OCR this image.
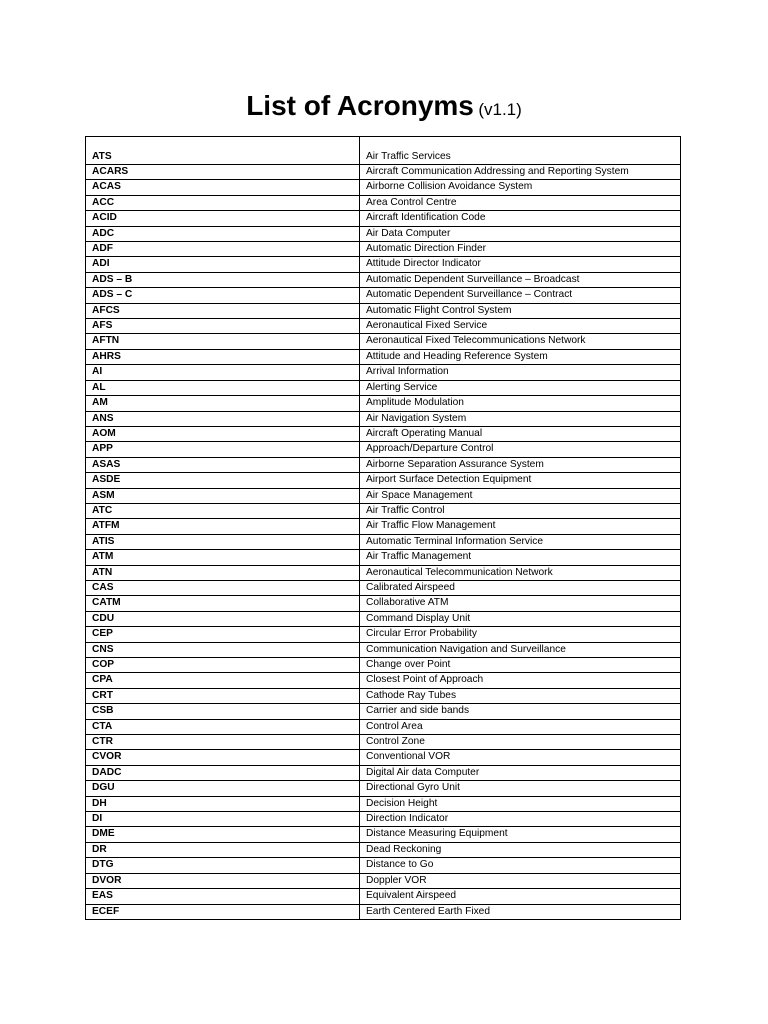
List of Acronyms (v1.1)
ATS	Air Traffic Services
ACARS	Aircraft Communication Addressing and Reporting System
ACAS	Airborne Collision Avoidance System
ACC	Area Control Centre
ACID	Aircraft Identification Code
ADC	Air Data Computer
ADF	Automatic Direction Finder
ADI	Attitude Director Indicator
ADS – B	Automatic Dependent Surveillance – Broadcast
ADS – C	Automatic Dependent Surveillance – Contract
AFCS	Automatic Flight Control System
AFS	Aeronautical Fixed Service
AFTN	Aeronautical Fixed Telecommunications Network
AHRS	Attitude and Heading Reference System
AI	Arrival Information
AL	Alerting Service
AM	Amplitude Modulation
ANS	Air Navigation System
AOM	Aircraft Operating Manual
APP	Approach/Departure Control
ASAS	Airborne Separation Assurance System
ASDE	Airport Surface Detection Equipment
ASM	Air Space Management
ATC	Air Traffic Control
ATFM	Air Traffic Flow Management
ATIS	Automatic Terminal Information Service
ATM	Air Traffic Management
ATN	Aeronautical Telecommunication Network
CAS	Calibrated Airspeed
CATM	Collaborative ATM
CDU	Command Display Unit
CEP	Circular Error Probability
CNS	Communication Navigation and Surveillance
COP	Change over Point
CPA	Closest Point of Approach
CRT	Cathode Ray Tubes
CSB	Carrier and side bands
CTA	Control Area
CTR	Control Zone
CVOR	Conventional VOR
DADC	Digital Air data Computer
DGU	Directional Gyro Unit
DH	Decision Height
DI	Direction Indicator
DME	Distance Measuring Equipment
DR	Dead Reckoning
DTG	Distance to Go
DVOR	Doppler VOR
EAS	Equivalent Airspeed
ECEF	Earth Centered Earth Fixed
